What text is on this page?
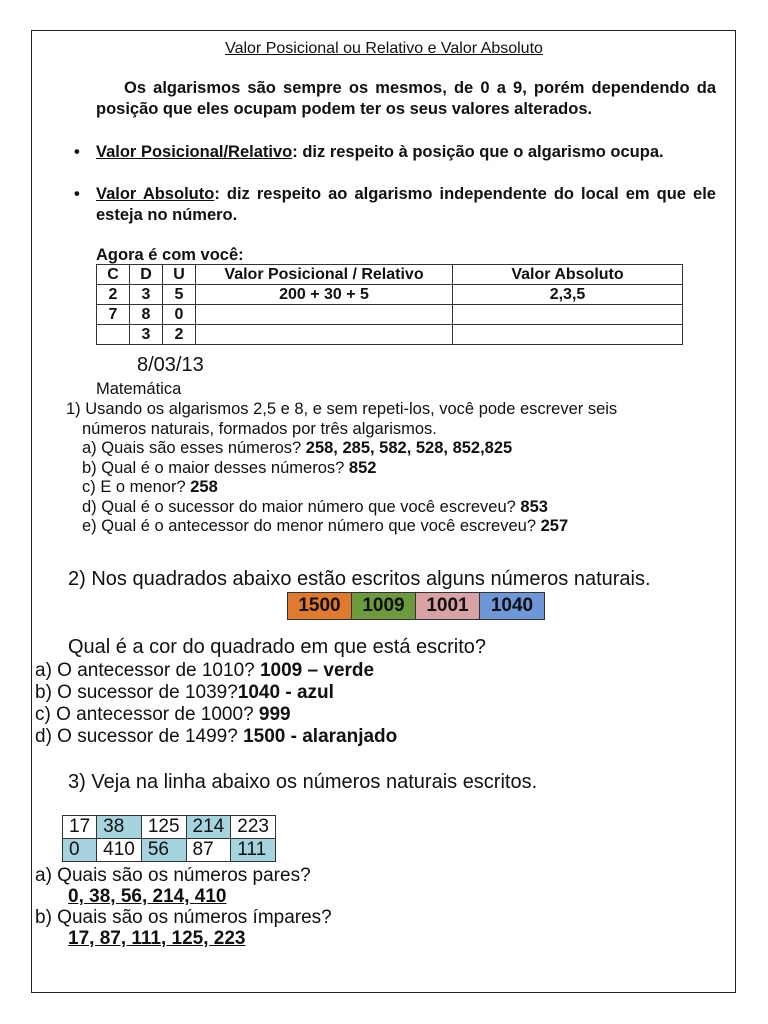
Valor Posicional ou Relativo e Valor Absoluto

Os algarismos são sempre os mesmos, de 0 a 9, porém dependendo da posição que eles ocupam podem ter os seus valores alterados.

• Valor Posicional/Relativo: diz respeito à posição que o algarismo ocupa.
• Valor Absoluto: diz respeito ao algarismo independente do local em que ele esteja no número.
Agora é com você:
C	D	U	Valor Posicional / Relativo	Valor Absoluto
2	3	5	200 + 30 + 5	2,3,5
7	8	0		
	3	2		
8/03/13
Matemática
1) Usando os algarismos 2,5 e 8, e sem repeti-los, você pode escrever seis
números naturais, formados por três algarismos.
a) Quais são esses números? 258, 285, 582, 528, 852,825
b) Qual é o maior desses números? 852
c) E o menor? 258
d) Qual é o sucessor do maior número que você escreveu? 853
e) Qual é o antecessor do menor número que você escreveu? 257
2) Nos quadrados abaixo estão escritos alguns números naturais.
1500	1009	1001	1040
Qual é a cor do quadrado em que está escrito?
a) O antecessor de 1010? 1009 – verde
b) O sucessor de 1039?1040 - azul
c) O antecessor de 1000? 999
d) O sucessor de 1499? 1500 - alaranjado
3) Veja na linha abaixo os números naturais escritos.
17	38	125	214	223
0	410	56	87	111
a) Quais são os números pares?
0, 38, 56, 214, 410
b) Quais são os números ímpares?
17, 87, 111, 125, 223
